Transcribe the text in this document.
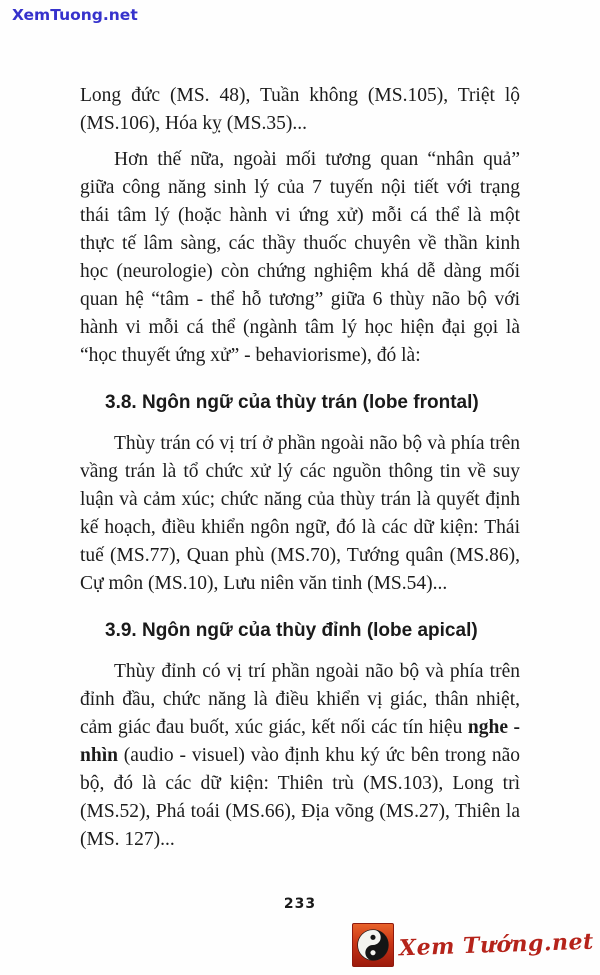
XemTuong.net

Long đức (MS. 48), Tuần không (MS.105), Triệt lộ (MS.106), Hóa kỵ (MS.35)...

Hơn thế nữa, ngoài mối tương quan “nhân quả” giữa công năng sinh lý của 7 tuyến nội tiết với trạng thái tâm lý (hoặc hành vi ứng xử) mỗi cá thể là một thực tế lâm sàng, các thầy thuốc chuyên về thần kinh học (neurologie) còn chứng nghiệm khá dễ dàng mối quan hệ “tâm - thể hỗ tương” giữa 6 thùy não bộ với hành vi mỗi cá thể (ngành tâm lý học hiện đại gọi là “học thuyết ứng xử” - behaviorisme), đó là:

3.8. Ngôn ngữ của thùy trán (lobe frontal)

Thùy trán có vị trí ở phần ngoài não bộ và phía trên vầng trán là tổ chức xử lý các nguồn thông tin về suy luận và cảm xúc; chức năng của thùy trán là quyết định kế hoạch, điều khiển ngôn ngữ, đó là các dữ kiện: Thái tuế (MS.77), Quan phù (MS.70), Tướng quân (MS.86), Cự môn (MS.10), Lưu niên văn tinh (MS.54)...

3.9. Ngôn ngữ của thùy đỉnh (lobe apical)

Thùy đỉnh có vị trí phần ngoài não bộ và phía trên đỉnh đầu, chức năng là điều khiển vị giác, thân nhiệt, cảm giác đau buốt, xúc giác, kết nối các tín hiệu nghe - nhìn (audio - visuel) vào định khu ký ức bên trong não bộ, đó là các dữ kiện: Thiên trù (MS.103), Long trì (MS.52), Phá toái (MS.66), Địa võng (MS.27), Thiên la (MS. 127)...

233
Xem Tướng.net
